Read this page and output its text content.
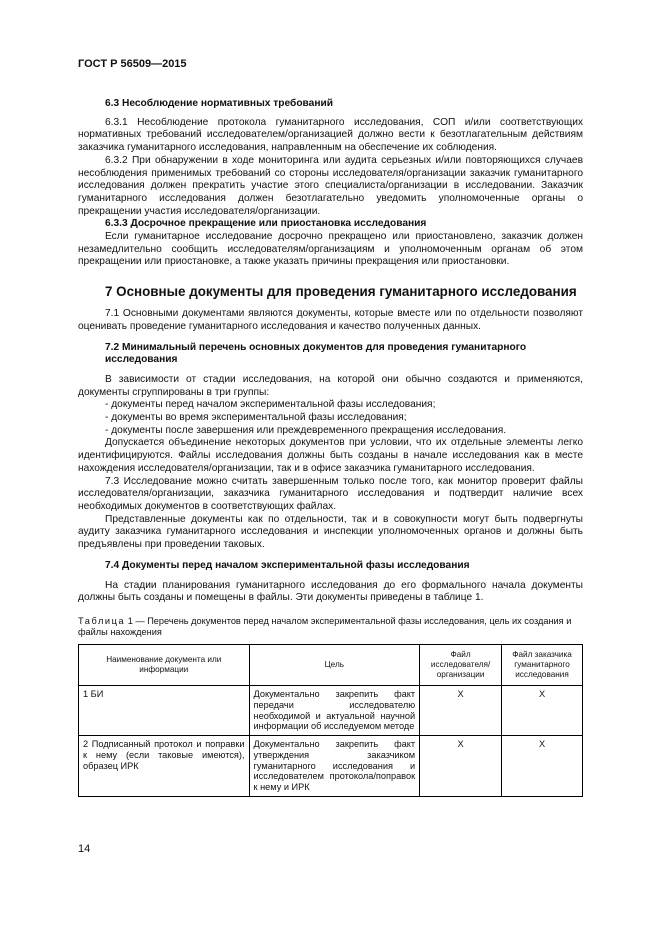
ГОСТ Р 56509—2015

6.3 Несоблюдение нормативных требований

6.3.1 Несоблюдение протокола гуманитарного исследования, СОП и/или соответствующих нормативных требований исследователем/организацией должно вести к безотлагательным действиям заказчика гуманитарного исследования, направленным на обеспечение их соблюдения.

6.3.2 При обнаружении в ходе мониторинга или аудита серьезных и/или повторяющихся случаев несоблюдения применимых требований со стороны исследователя/организации заказчик гуманитарного исследования должен прекратить участие этого специалиста/организации в исследовании. Заказчик гуманитарного исследования должен безотлагательно уведомить уполномоченные органы о прекращении участия исследователя/организации.

6.3.3 Досрочное прекращение или приостановка исследования

Если гуманитарное исследование досрочно прекращено или приостановлено, заказчик должен незамедлительно сообщить исследователям/организациям и уполномоченным органам об этом прекращении или приостановке, а также указать причины прекращения или приостановки.

7 Основные документы для проведения гуманитарного исследования

7.1 Основными документами являются документы, которые вместе или по отдельности позволяют оценивать проведение гуманитарного исследования и качество полученных данных.

7.2 Минимальный перечень основных документов для проведения гуманитарного исследования

В зависимости от стадии исследования, на которой они обычно создаются и применяются, документы сгруппированы в три группы:

- документы перед началом экспериментальной фазы исследования;

- документы во время экспериментальной фазы исследования;

- документы после завершения или преждевременного прекращения исследования.

Допускается объединение некоторых документов при условии, что их отдельные элементы легко идентифицируются. Файлы исследования должны быть созданы в начале исследования как в месте нахождения исследователя/организации, так и в офисе заказчика гуманитарного исследования.

7.3 Исследование можно считать завершенным только после того, как монитор проверит файлы исследователя/организации, заказчика гуманитарного исследования и подтвердит наличие всех необходимых документов в соответствующих файлах.

Представленные документы как по отдельности, так и в совокупности могут быть подвергнуты аудиту заказчика гуманитарного исследования и инспекции уполномоченных органов и должны быть предъявлены при проведении таковых.

7.4 Документы перед началом экспериментальной фазы исследования

На стадии планирования гуманитарного исследования до его формального начала документы должны быть созданы и помещены в файлы. Эти документы приведены в таблице 1.

Таблица 1 — Перечень документов перед началом экспериментальной фазы исследования, цель их создания и файлы нахождения

Наименование документа или информации	Цель	Файл исследователя/ организации	Файл заказчика гуманитарного исследования
1 БИ	Документально закрепить факт передачи исследователю необходимой и актуальной научной информации об исследуемом методе	X	X
2 Подписанный протокол и поправки к нему (если таковые имеются), образец ИРК	Документально закрепить факт утверждения заказчиком гуманитарного исследования и исследователем протокола/поправок к нему и ИРК	X	X
14
